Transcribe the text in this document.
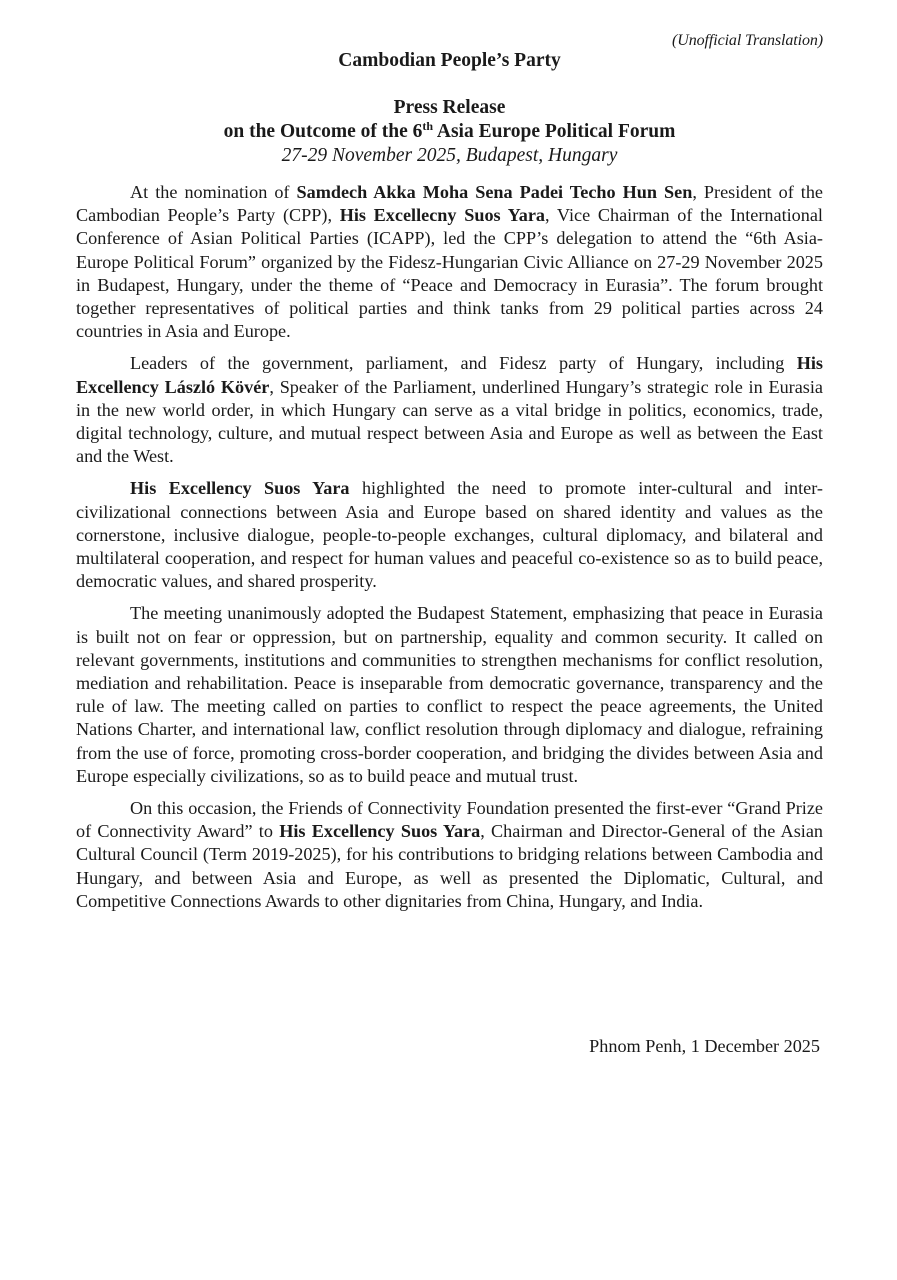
(Unofficial Translation)
Cambodian People’s Party
Press Release
on the Outcome of the 6th Asia Europe Political Forum
27-29 November 2025, Budapest, Hungary

At the nomination of Samdech Akka Moha Sena Padei Techo Hun Sen, President of the Cambodian People’s Party (CPP), His Excellecny Suos Yara, Vice Chairman of the International Conference of Asian Political Parties (ICAPP), led the CPP’s delegation to attend the “6th Asia-Europe Political Forum” organized by the Fidesz-Hungarian Civic Alliance on 27-29 November 2025 in Budapest, Hungary, under the theme of “Peace and Democracy in Eurasia”. The forum brought together representatives of political parties and think tanks from 29 political parties across 24 countries in Asia and Europe.

Leaders of the government, parliament, and Fidesz party of Hungary, including His Excellency László Kövér, Speaker of the Parliament, underlined Hungary’s strategic role in Eurasia in the new world order, in which Hungary can serve as a vital bridge in politics, economics, trade, digital technology, culture, and mutual respect between Asia and Europe as well as between the East and the West.

His Excellency Suos Yara highlighted the need to promote inter-cultural and inter-civilizational connections between Asia and Europe based on shared identity and values as the cornerstone, inclusive dialogue, people-to-people exchanges, cultural diplomacy, and bilateral and multilateral cooperation, and respect for human values and peaceful co-existence so as to build peace, democratic values, and shared prosperity.

The meeting unanimously adopted the Budapest Statement, emphasizing that peace in Eurasia is built not on fear or oppression, but on partnership, equality and common security. It called on relevant governments, institutions and communities to strengthen mechanisms for conflict resolution, mediation and rehabilitation. Peace is inseparable from democratic governance, transparency and the rule of law. The meeting called on parties to conflict to respect the peace agreements, the United Nations Charter, and international law, conflict resolution through diplomacy and dialogue, refraining from the use of force, promoting cross-border cooperation, and bridging the divides between Asia and Europe especially civilizations, so as to build peace and mutual trust.

On this occasion, the Friends of Connectivity Foundation presented the first-ever “Grand Prize of Connectivity Award” to His Excellency Suos Yara, Chairman and Director-General of the Asian Cultural Council (Term 2019-2025), for his contributions to bridging relations between Cambodia and Hungary, and between Asia and Europe, as well as presented the Diplomatic, Cultural, and Competitive Connections Awards to other dignitaries from China, Hungary, and India.

Phnom Penh, 1 December 2025
